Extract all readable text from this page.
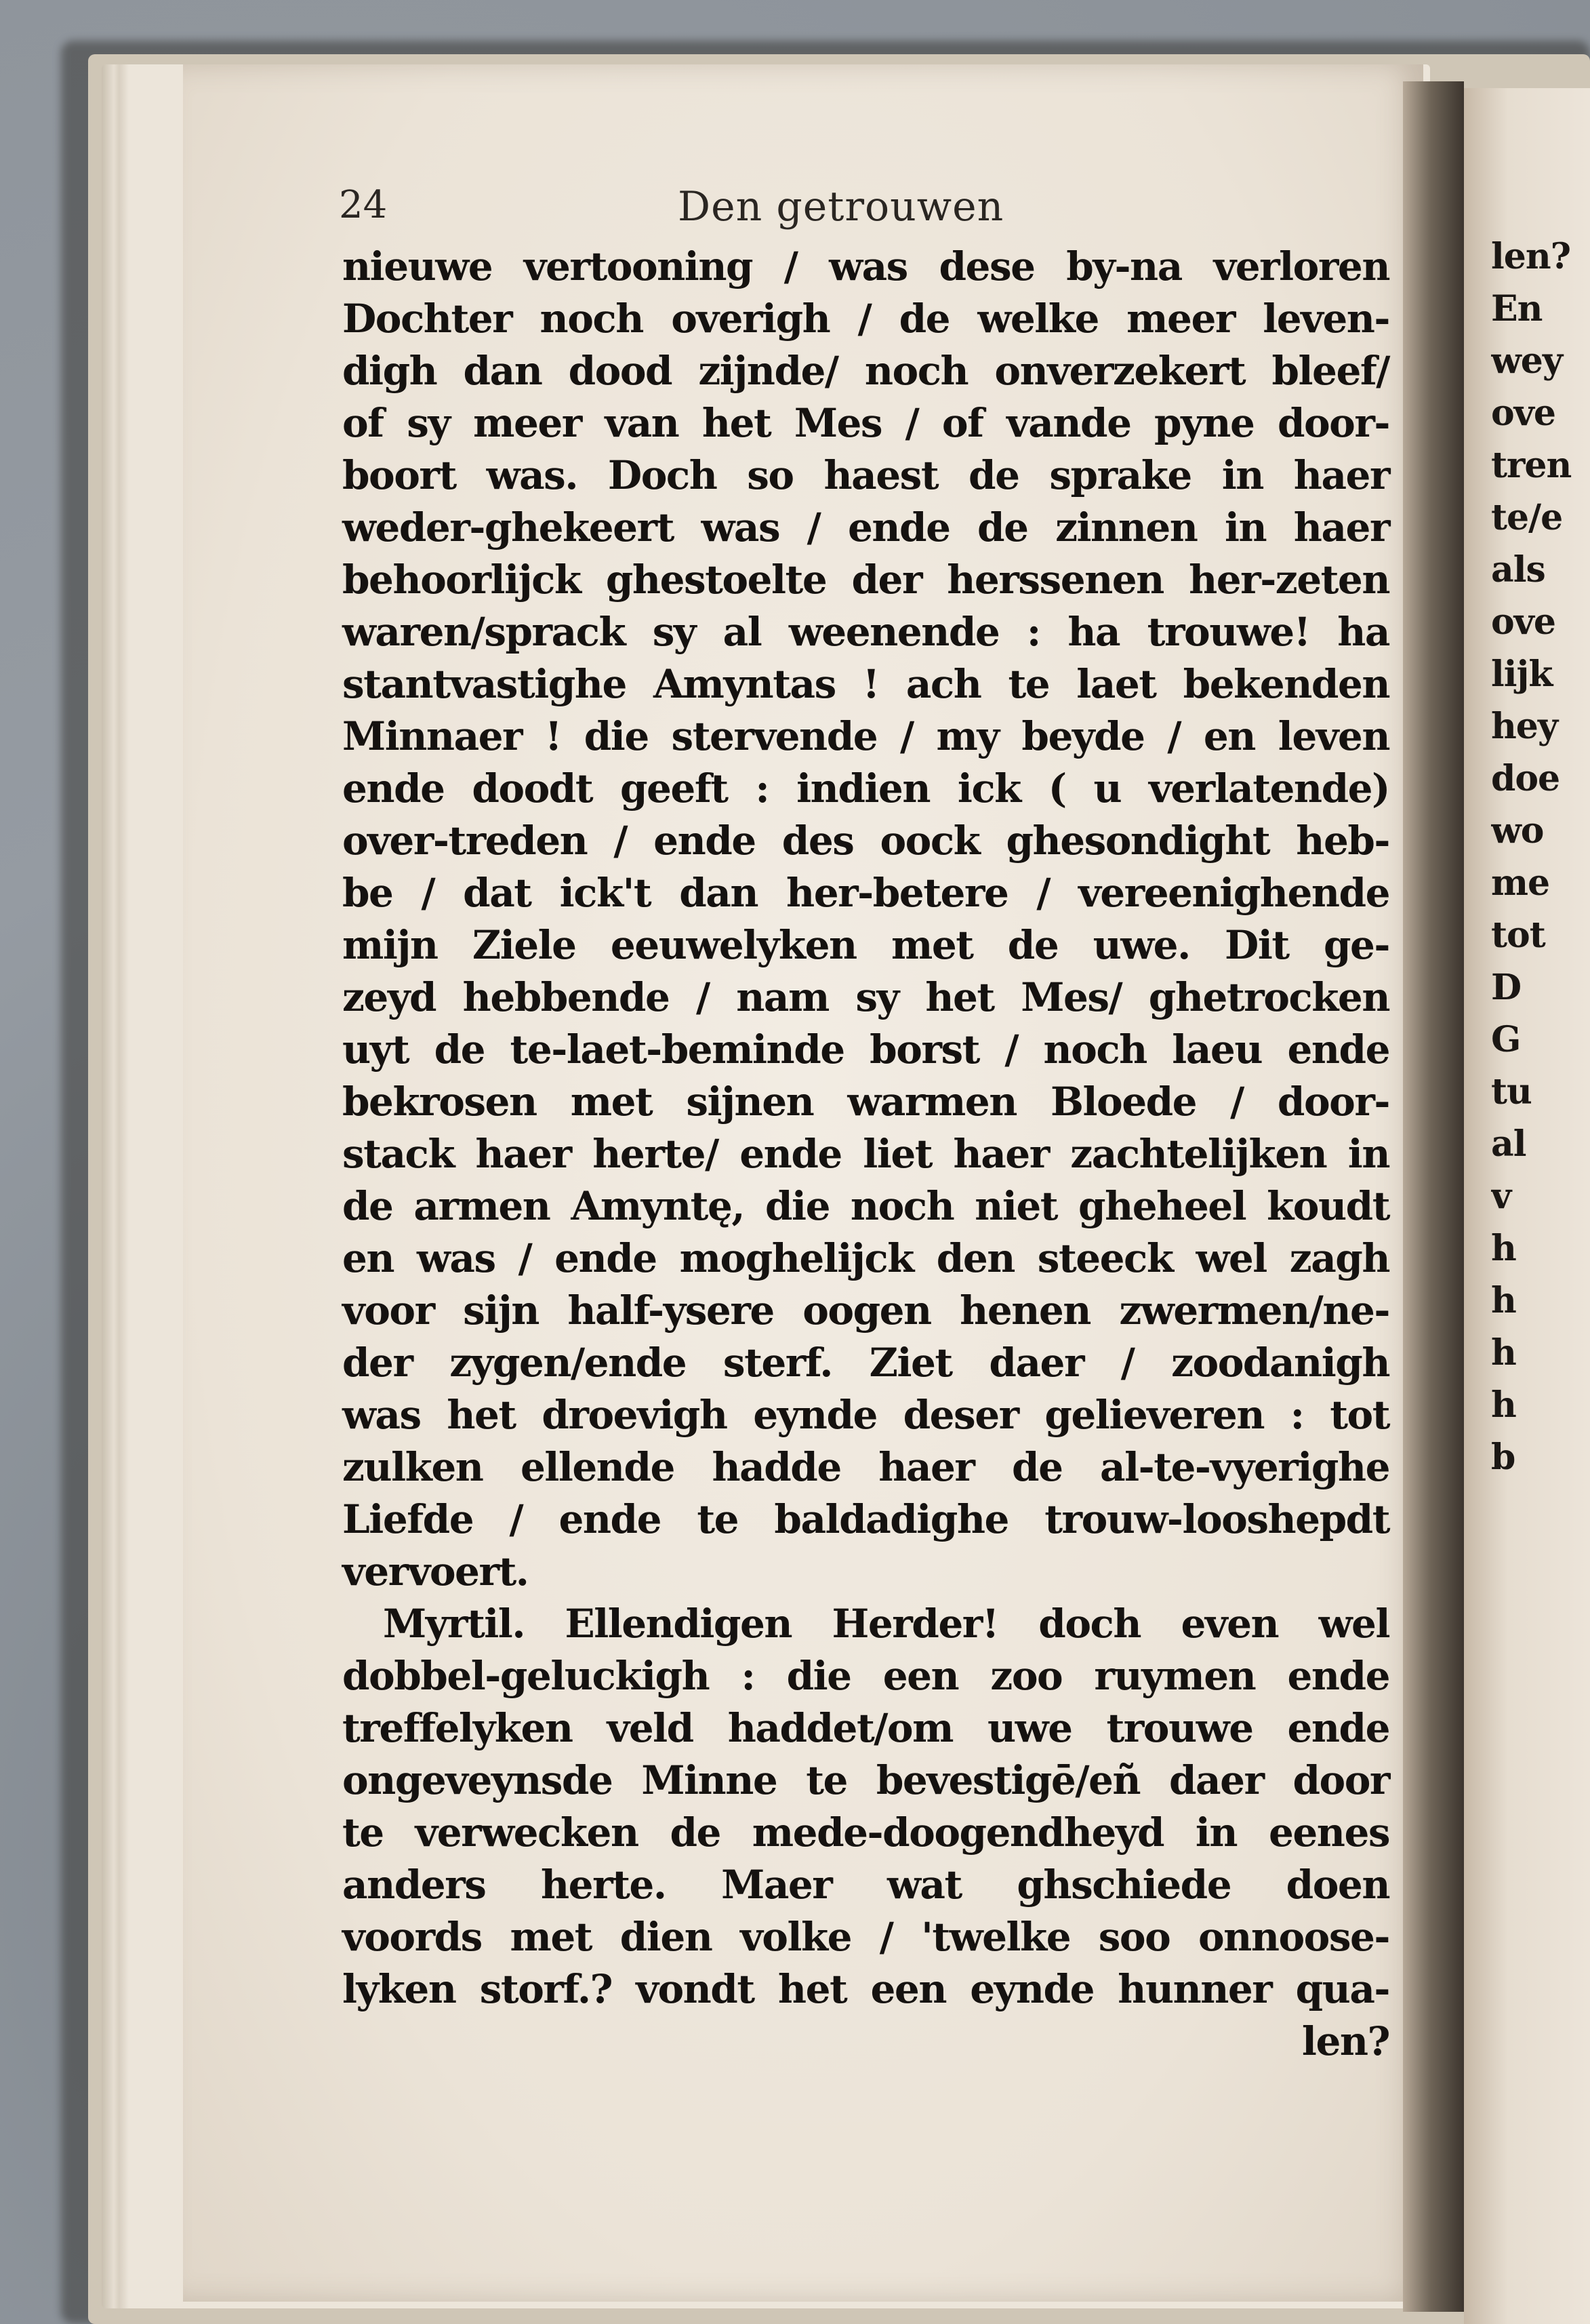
24	Den getrouwen
nieuwe vertooning / was dese by-na verloren
Dochter noch overigh / de welke meer leven-
digh dan dood zijnde/ noch onverzekert bleef/
of sy meer van het Mes / of vande pyne door-
boort was. Doch so haest de sprake in haer
weder-ghekeert was / ende de zinnen in haer
behoorlijck ghestoelte der herssenen her-zeten
waren/sprack sy al weenende : ha trouwe! ha
stantvastighe Amyntas ! ach te laet bekenden
Minnaer ! die stervende / my beyde / en leven
ende doodt geeft : indien ick ( u verlatende)
over-treden / ende des oock ghesondight heb-
be / dat ick't dan her-betere / vereenighende
mijn Ziele eeuwelyken met de uwe. Dit ge-
zeyd hebbende / nam sy het Mes/ ghetrocken
uyt de te-laet-beminde borst / noch laeu ende
bekrosen met sijnen warmen Bloede / door-
stack haer herte/ ende liet haer zachtelijken in
de armen Amyntę, die noch niet gheheel koudt
en was / ende moghelijck den steeck wel zagh
voor sijn half-ysere oogen henen zwermen/ne-
der zygen/ende sterf. Ziet daer / zoodanigh
was het droevigh eynde deser gelieveren : tot
zulken ellende hadde haer de al-te-vyerighe
Liefde / ende te baldadighe trouw-looshepdt
vervoert.
Myrtil. Ellendigen Herder! doch even wel
dobbel-geluckigh : die een zoo ruymen ende
treffelyken veld haddet/om uwe trouwe ende
ongeveynsde Minne te bevestigē/eñ daer door
te verwecken de mede-doogendheyd in eenes
anders herte. Maer wat ghschiede doen
voords met dien volke / 'twelke soo onnoose-
lyken storf.? vondt het een eynde hunner qua-
len?
len?
En
wey
ove
tren
te/e
als
ove
lijk
hey
doe
wo
me
tot
D
G
tu
al
v
h
h
h
h
b
